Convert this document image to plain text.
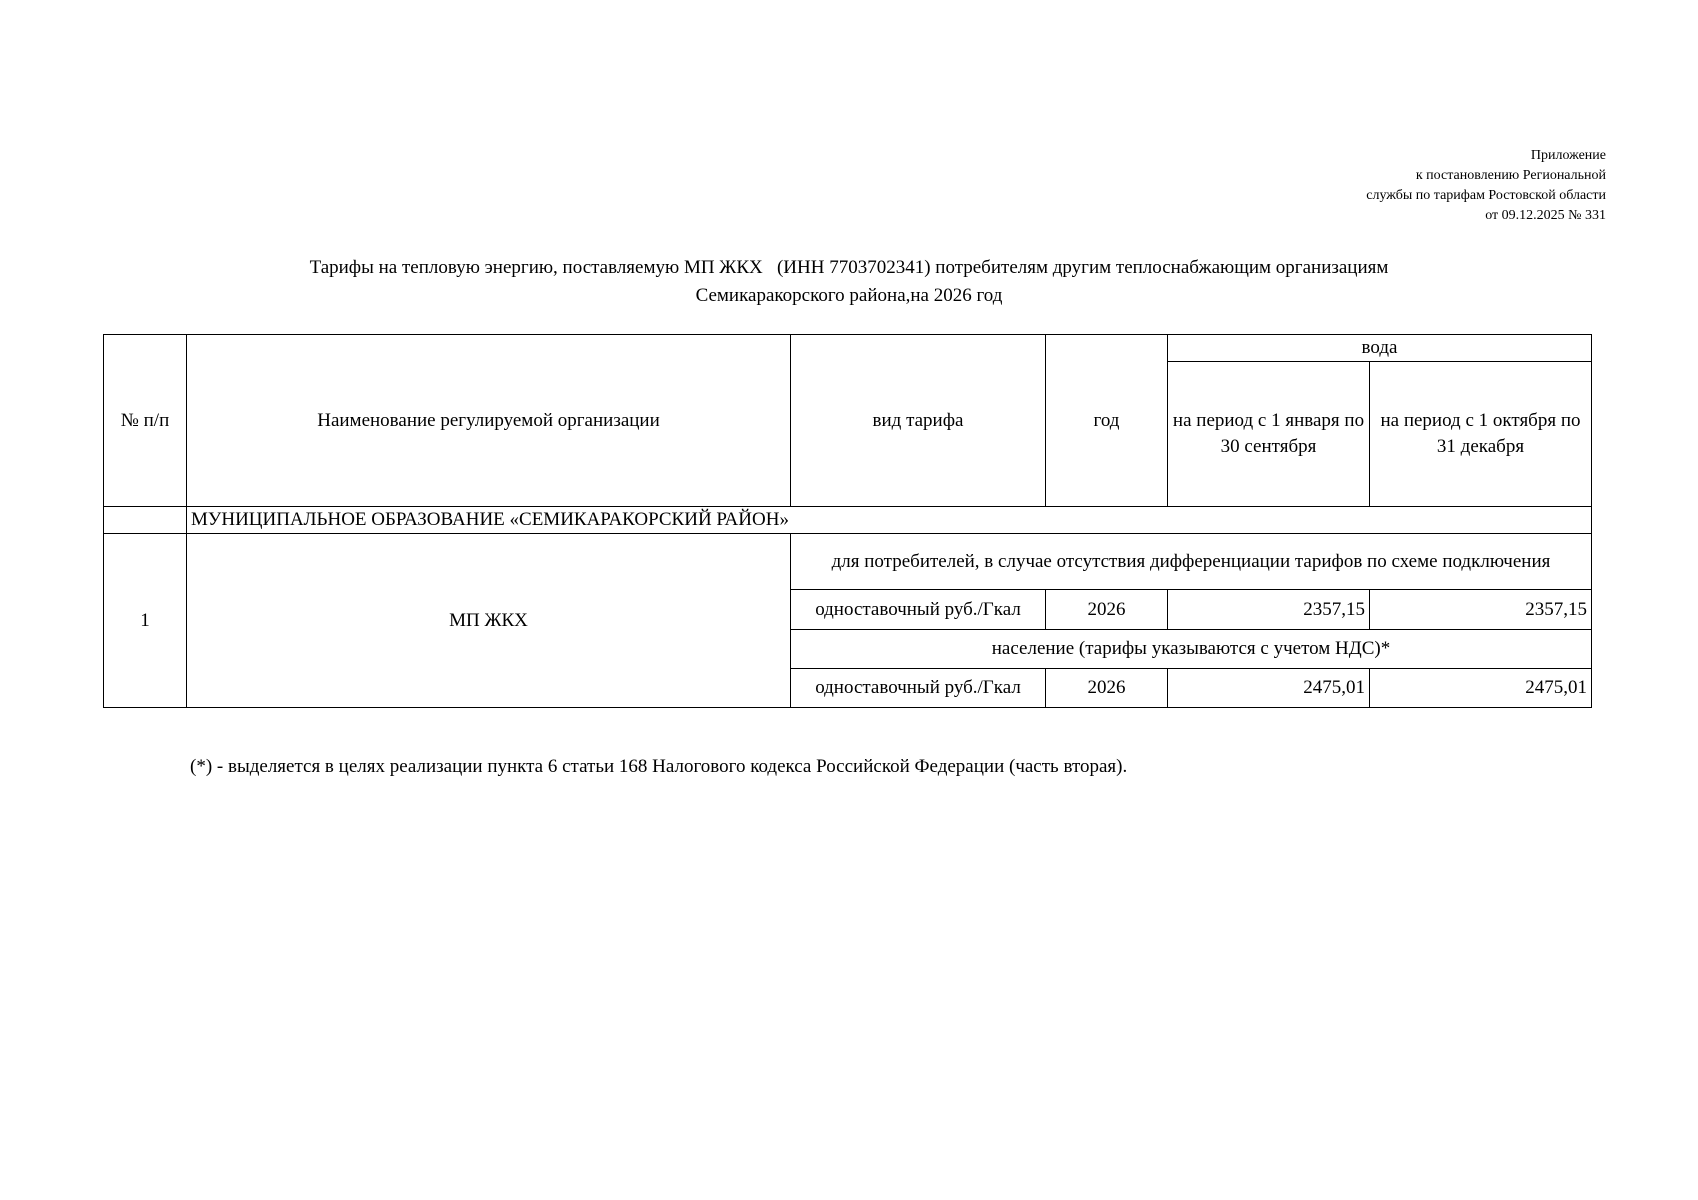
Приложение
к постановлению Региональной
службы по тарифам Ростовской области
от 09.12.2025 № 331
Тарифы на тепловую энергию, поставляемую МП ЖКХ   (ИНН 7703702341) потребителям другим теплоснабжающим организациям
Семикаракорского района,на 2026 год
№ п/п	Наименование регулируемой организации	вид тарифа	год	вода	
				на период с 1 января по 30 сентября	на период с 1 октября по 31 декабря
	МУНИЦИПАЛЬНОЕ ОБРАЗОВАНИЕ «СЕМИКАРАКОРСКИЙ РАЙОН»				
1	МП ЖКХ	для потребителей, в случае отсутствия дифференциации тарифов по схеме подключения			
		одноставочный руб./Гкал	2026	2357,15	2357,15
		население (тарифы указываются с учетом НДС)*			
		одноставочный руб./Гкал	2026	2475,01	2475,01
(*) - выделяется в целях реализации пункта 6 статьи 168 Налогового кодекса Российской Федерации (часть вторая).
